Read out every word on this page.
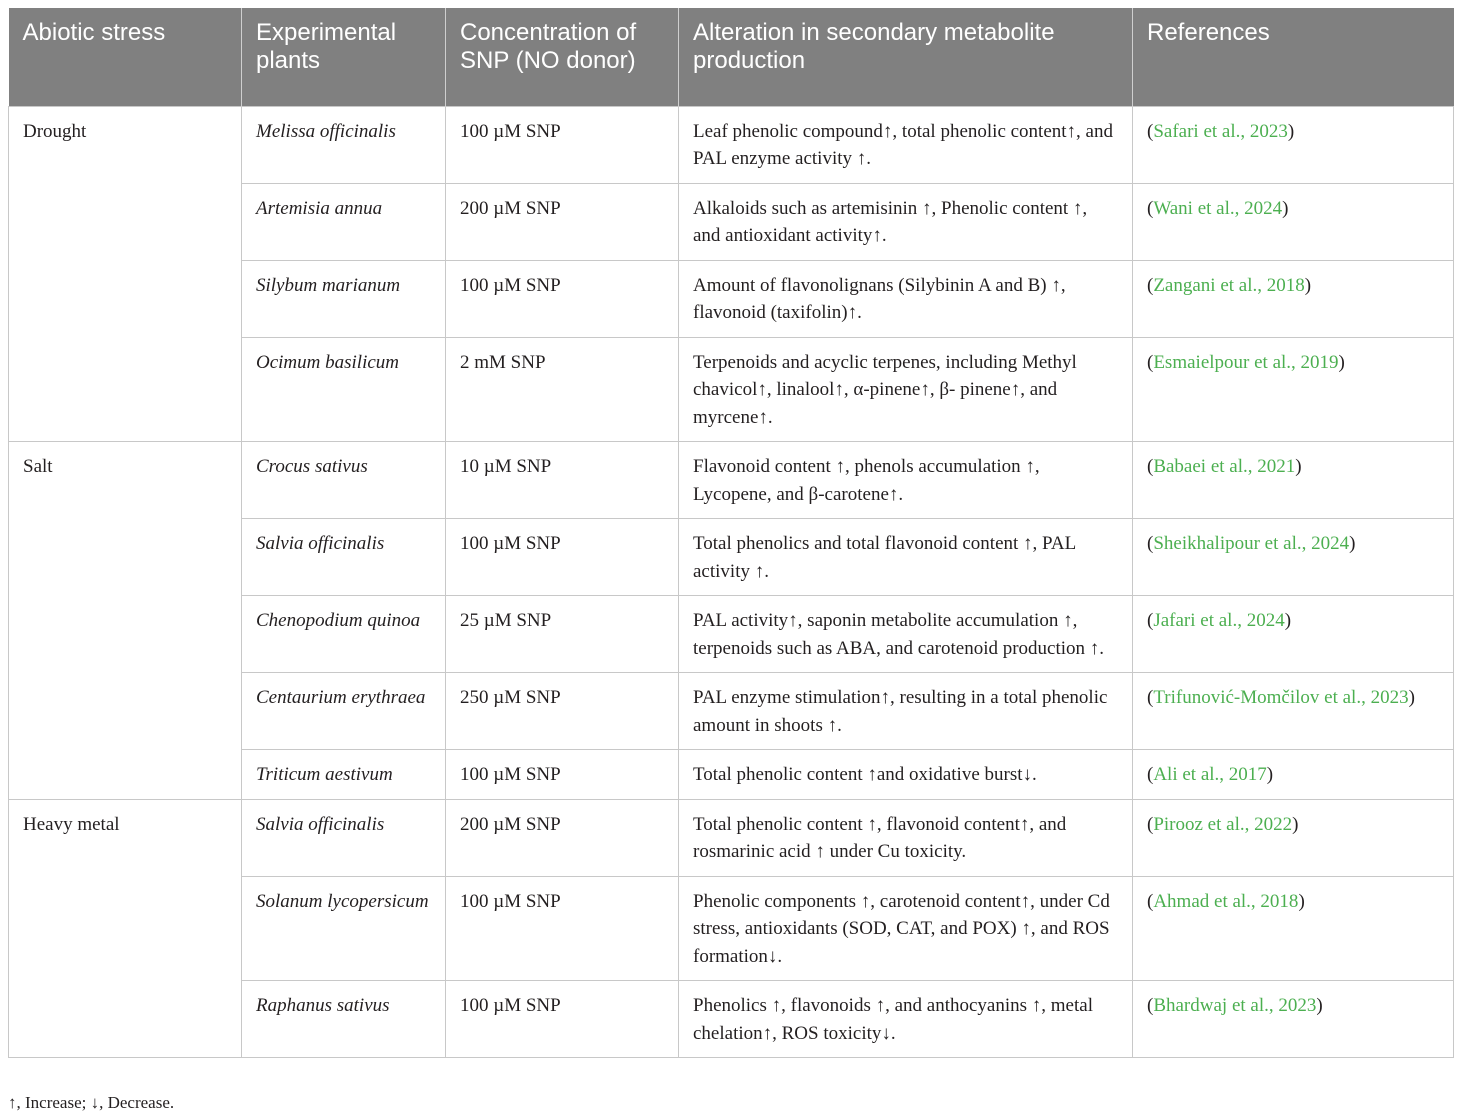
Abiotic stress	Experimental plants	Concentration of SNP (NO donor)	Alteration in secondary metabolite production	References
Drought	Melissa officinalis	100 µM SNP	Leaf phenolic compound↑, total phenolic content↑, and PAL enzyme activity ↑.	(Safari et al., 2023)
	Artemisia annua	200 µM SNP	Alkaloids such as artemisinin ↑, Phenolic content ↑, and antioxidant activity↑.	(Wani et al., 2024)
	Silybum marianum	100 µM SNP	Amount of flavonolignans (Silybinin A and B) ↑, flavonoid (taxifolin)↑.	(Zangani et al., 2018)
	Ocimum basilicum	2 mM SNP	Terpenoids and acyclic terpenes, including Methyl chavicol↑, linalool↑, α-pinene↑, β- pinene↑, and myrcene↑.	(Esmaielpour et al., 2019)
Salt	Crocus sativus	10 µM SNP	Flavonoid content ↑, phenols accumulation ↑, Lycopene, and β-carotene↑.	(Babaei et al., 2021)
	Salvia officinalis	100 µM SNP	Total phenolics and total flavonoid content ↑, PAL activity ↑.	(Sheikhalipour et al., 2024)
	Chenopodium quinoa	25 µM SNP	PAL activity↑, saponin metabolite accumulation ↑, terpenoids such as ABA, and carotenoid production ↑.	(Jafari et al., 2024)
	Centaurium erythraea	250 µM SNP	PAL enzyme stimulation↑, resulting in a total phenolic amount in shoots ↑.	(Trifunović-Momčilov et al., 2023)
	Triticum aestivum	100 µM SNP	Total phenolic content ↑and oxidative burst↓.	(Ali et al., 2017)
Heavy metal	Salvia officinalis	200 µM SNP	Total phenolic content ↑, flavonoid content↑, and rosmarinic acid ↑ under Cu toxicity.	(Pirooz et al., 2022)
	Solanum lycopersicum	100 µM SNP	Phenolic components ↑, carotenoid content↑, under Cd stress, antioxidants (SOD, CAT, and POX) ↑, and ROS formation↓.	(Ahmad et al., 2018)
	Raphanus sativus	100 µM SNP	Phenolics ↑, flavonoids ↑, and anthocyanins ↑, metal chelation↑, ROS toxicity↓.	(Bhardwaj et al., 2023)
↑, Increase; ↓, Decrease.
